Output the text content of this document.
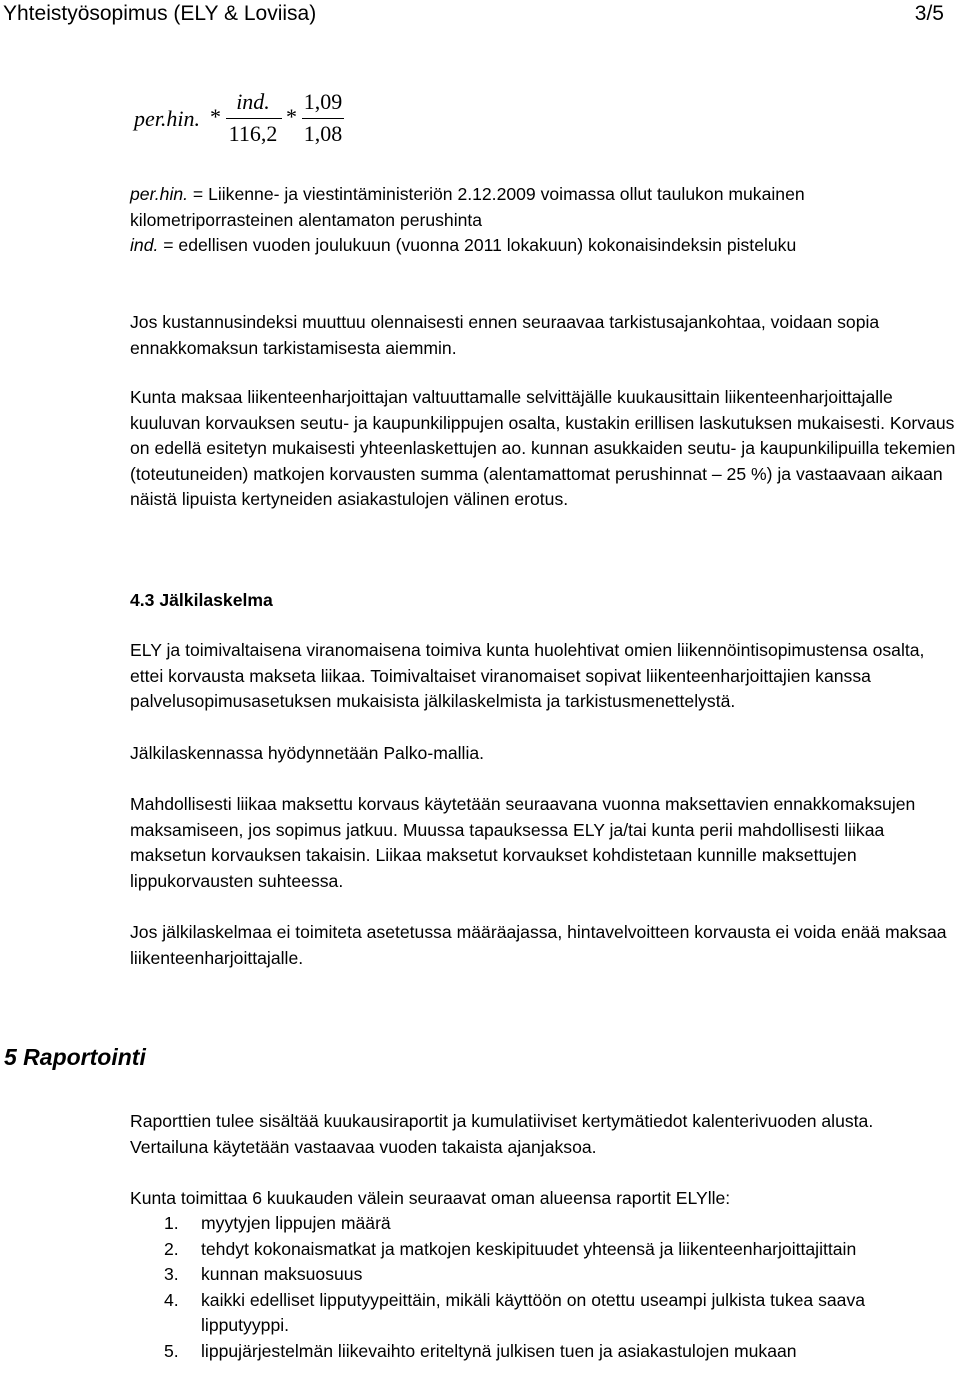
Yhteistyösopimus (ELY & Loviisa)	3/5
per.hin. *
ind.
116,2
*
1,09
1,08

per.hin. = Liikenne- ja viestintäministeriön 2.12.2009 voimassa ollut taulukon mukainen kilometriporrasteinen alentamaton perushinta

ind. = edellisen vuoden joulukuun (vuonna 2011 lokakuun) kokonaisindeksin pisteluku

Jos kustannusindeksi muuttuu olennaisesti ennen seuraavaa tarkistusajankohtaa, voidaan sopia ennakkomaksun tarkistamisesta aiemmin.
Kunta maksaa liikenteenharjoittajan valtuuttamalle selvittäjälle kuukausittain liikenteenharjoittajalle kuuluvan korvauksen seutu- ja kaupunkilippujen osalta, kustakin erillisen laskutuksen mukaisesti. Korvaus on edellä esitetyn mukaisesti yhteenlaskettujen ao. kunnan asukkaiden seutu- ja kaupunkilipuilla tekemien (toteutuneiden) matkojen korvausten summa (alentamattomat perushinnat – 25 %) ja vastaavaan aikaan näistä lipuista kertyneiden asiakastulojen välinen erotus.
4.3 Jälkilaskelma

ELY ja toimivaltaisena viranomaisena toimiva kunta huolehtivat omien liikennöintisopimustensa osalta, ettei korvausta makseta liikaa. Toimivaltaiset viranomaiset sopivat liikenteenharjoittajien kanssa palvelusopimusasetuksen mukaisista jälkilaskelmista ja tarkistusmenettelystä.

Jälkilaskennassa hyödynnetään Palko-mallia.

Mahdollisesti liikaa maksettu korvaus käytetään seuraavana vuonna maksettavien ennakkomaksujen maksamiseen, jos sopimus jatkuu. Muussa tapauksessa ELY ja/tai kunta perii mahdollisesti liikaa maksetun korvauksen takaisin. Liikaa maksetut korvaukset kohdistetaan kunnille maksettujen lippukorvausten suhteessa.

Jos jälkilaskelmaa ei toimiteta asetetussa määräajassa, hintavelvoitteen korvausta ei voida enää maksaa liikenteenharjoittajalle.

5 Raportointi

Raporttien tulee sisältää kuukausiraportit ja kumulatiiviset kertymätiedot kalenterivuoden alusta. Vertailuna käytetään vastaavaa vuoden takaista ajanjaksoa.

Kunta toimittaa 6 kuukauden välein seuraavat oman alueensa raportit ELYlle:

1. myytyjen lippujen määrä
2. tehdyt kokonaismatkat ja matkojen keskipituudet yhteensä ja liikenteenharjoittajittain
3. kunnan maksuosuus
4. kaikki edelliset lipputyypeittäin, mikäli käyttöön on otettu useampi julkista tukea saava lipputyyppi.
5. lippujärjestelmän liikevaihto eriteltynä julkisen tuen ja asiakastulojen mukaan
